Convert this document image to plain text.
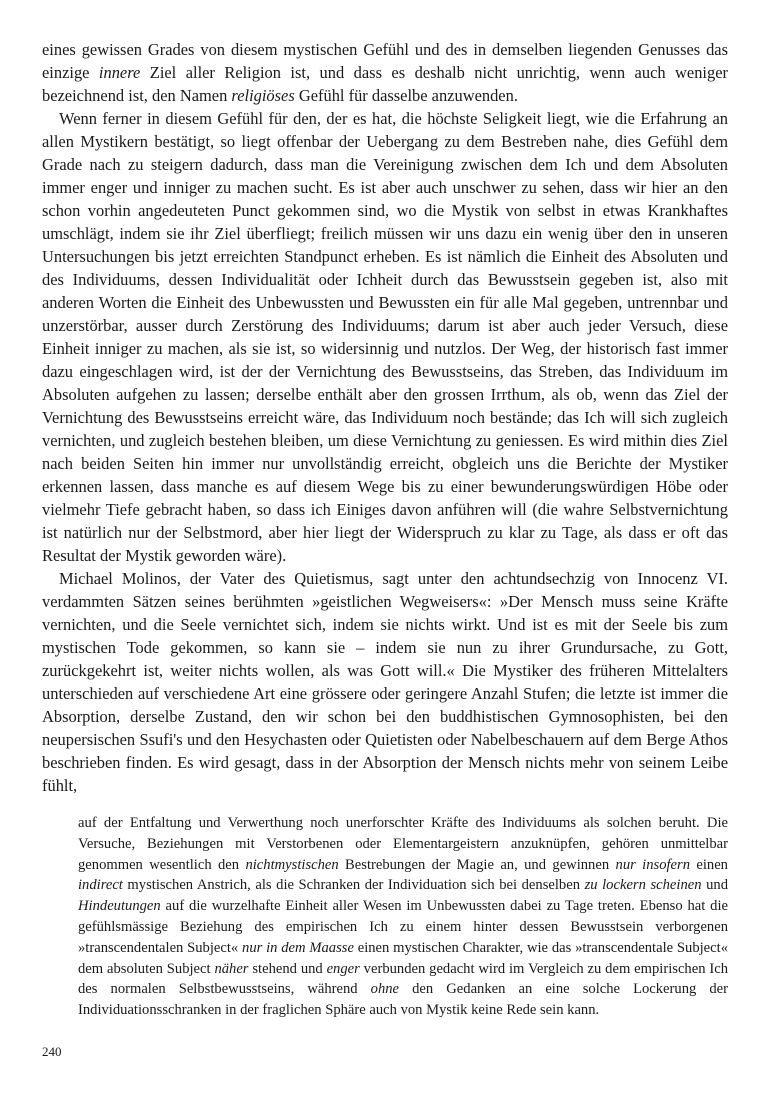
eines gewissen Grades von diesem mystischen Gefühl und des in demselben liegenden Genusses das einzige innere Ziel aller Religion ist, und dass es deshalb nicht unrichtig, wenn auch weniger bezeichnend ist, den Namen religiöses Gefühl für dasselbe anzuwenden.

Wenn ferner in diesem Gefühl für den, der es hat, die höchste Seligkeit liegt, wie die Erfahrung an allen Mystikern bestätigt, so liegt offenbar der Uebergang zu dem Bestreben nahe, dies Gefühl dem Grade nach zu steigern dadurch, dass man die Vereinigung zwischen dem Ich und dem Absoluten immer enger und inniger zu machen sucht. Es ist aber auch unschwer zu sehen, dass wir hier an den schon vorhin angedeuteten Punct gekommen sind, wo die Mystik von selbst in etwas Krankhaftes umschlägt, indem sie ihr Ziel überfliegt; freilich müssen wir uns dazu ein wenig über den in unseren Untersuchungen bis jetzt erreichten Standpunct erheben. Es ist nämlich die Einheit des Absoluten und des Individuums, dessen Individualität oder Ichheit durch das Bewusstsein gegeben ist, also mit anderen Worten die Einheit des Unbewussten und Bewussten ein für alle Mal gegeben, untrennbar und unzerstörbar, ausser durch Zerstörung des Individuums; darum ist aber auch jeder Versuch, diese Einheit inniger zu machen, als sie ist, so widersinnig und nutzlos. Der Weg, der historisch fast immer dazu eingeschlagen wird, ist der der Vernichtung des Bewusstseins, das Streben, das Individuum im Absoluten aufgehen zu lassen; derselbe enthält aber den grossen Irrthum, als ob, wenn das Ziel der Vernichtung des Bewusstseins erreicht wäre, das Individuum noch bestände; das Ich will sich zugleich vernichten, und zugleich bestehen bleiben, um diese Vernichtung zu geniessen. Es wird mithin dies Ziel nach beiden Seiten hin immer nur unvollständig erreicht, obgleich uns die Berichte der Mystiker erkennen lassen, dass manche es auf diesem Wege bis zu einer bewunderungswürdigen Höbe oder vielmehr Tiefe gebracht haben, so dass ich Einiges davon anführen will (die wahre Selbstvernichtung ist natürlich nur der Selbstmord, aber hier liegt der Widerspruch zu klar zu Tage, als dass er oft das Resultat der Mystik geworden wäre).

Michael Molinos, der Vater des Quietismus, sagt unter den achtundsechzig von Innocenz VI. verdammten Sätzen seines berühmten »geistlichen Wegweisers«: »Der Mensch muss seine Kräfte vernichten, und die Seele vernichtet sich, indem sie nichts wirkt. Und ist es mit der Seele bis zum mystischen Tode gekommen, so kann sie – indem sie nun zu ihrer Grundursache, zu Gott, zurückgekehrt ist, weiter nichts wollen, als was Gott will.« Die Mystiker des früheren Mittelalters unterschieden auf verschiedene Art eine grössere oder geringere Anzahl Stufen; die letzte ist immer die Absorption, derselbe Zustand, den wir schon bei den buddhistischen Gymnosophisten, bei den neupersischen Ssufi's und den Hesychasten oder Quietisten oder Nabelbeschauern auf dem Berge Athos beschrieben finden. Es wird gesagt, dass in der Absorption der Mensch nichts mehr von seinem Leibe fühlt,

auf der Entfaltung und Verwerthung noch unerforschter Kräfte des Individuums als solchen beruht. Die Versuche, Beziehungen mit Verstorbenen oder Elementargeistern anzuknüpfen, gehören unmittelbar genommen wesentlich den nichtmystischen Bestrebungen der Magie an, und gewinnen nur insofern einen indirect mystischen Anstrich, als die Schranken der Individuation sich bei denselben zu lockern scheinen und Hindeutungen auf die wurzelhafte Einheit aller Wesen im Unbewussten dabei zu Tage treten. Ebenso hat die gefühlsmässige Beziehung des empirischen Ich zu einem hinter dessen Bewusstsein verborgenen »transcendentalen Subject« nur in dem Maasse einen mystischen Charakter, wie das »transcendentale Subject« dem absoluten Subject näher stehend und enger verbunden gedacht wird im Vergleich zu dem empirischen Ich des normalen Selbstbewusstseins, während ohne den Gedanken an eine solche Lockerung der Individuationsschranken in der fraglichen Sphäre auch von Mystik keine Rede sein kann.

240
